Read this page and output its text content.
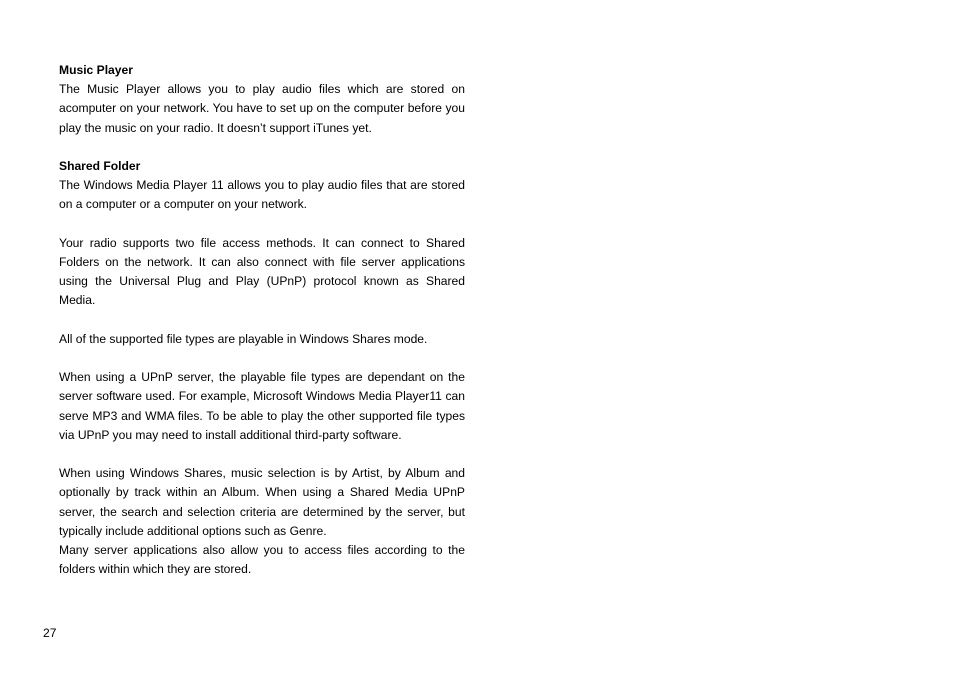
Music Player

The Music Player allows you to play audio files which are stored on acomputer on your network. You have to set up on the computer before you play the music on your radio. It doesn’t support iTunes yet.

Shared Folder

The Windows Media Player 11 allows you to play audio files that are stored on a computer or a computer on your network.

Your radio supports two file access methods. It can connect to Shared Folders on the network. It can also connect with file server applications using the Universal Plug and Play (UPnP) protocol known as Shared Media.

All of the supported file types are playable in Windows Shares mode.

When using a UPnP server, the playable file types are dependant on the server software used. For example, Microsoft Windows Media Player11 can serve MP3 and WMA files. To be able to play the other supported file types via UPnP you may need to install additional third-party software.

When using Windows Shares, music selection is by Artist, by Album and optionally by track within an Album. When using a Shared Media UPnP server, the search and selection criteria are determined by the server, but typically include additional options such as Genre.

Many server applications also allow you to access files according to the folders within which they are stored.

27
